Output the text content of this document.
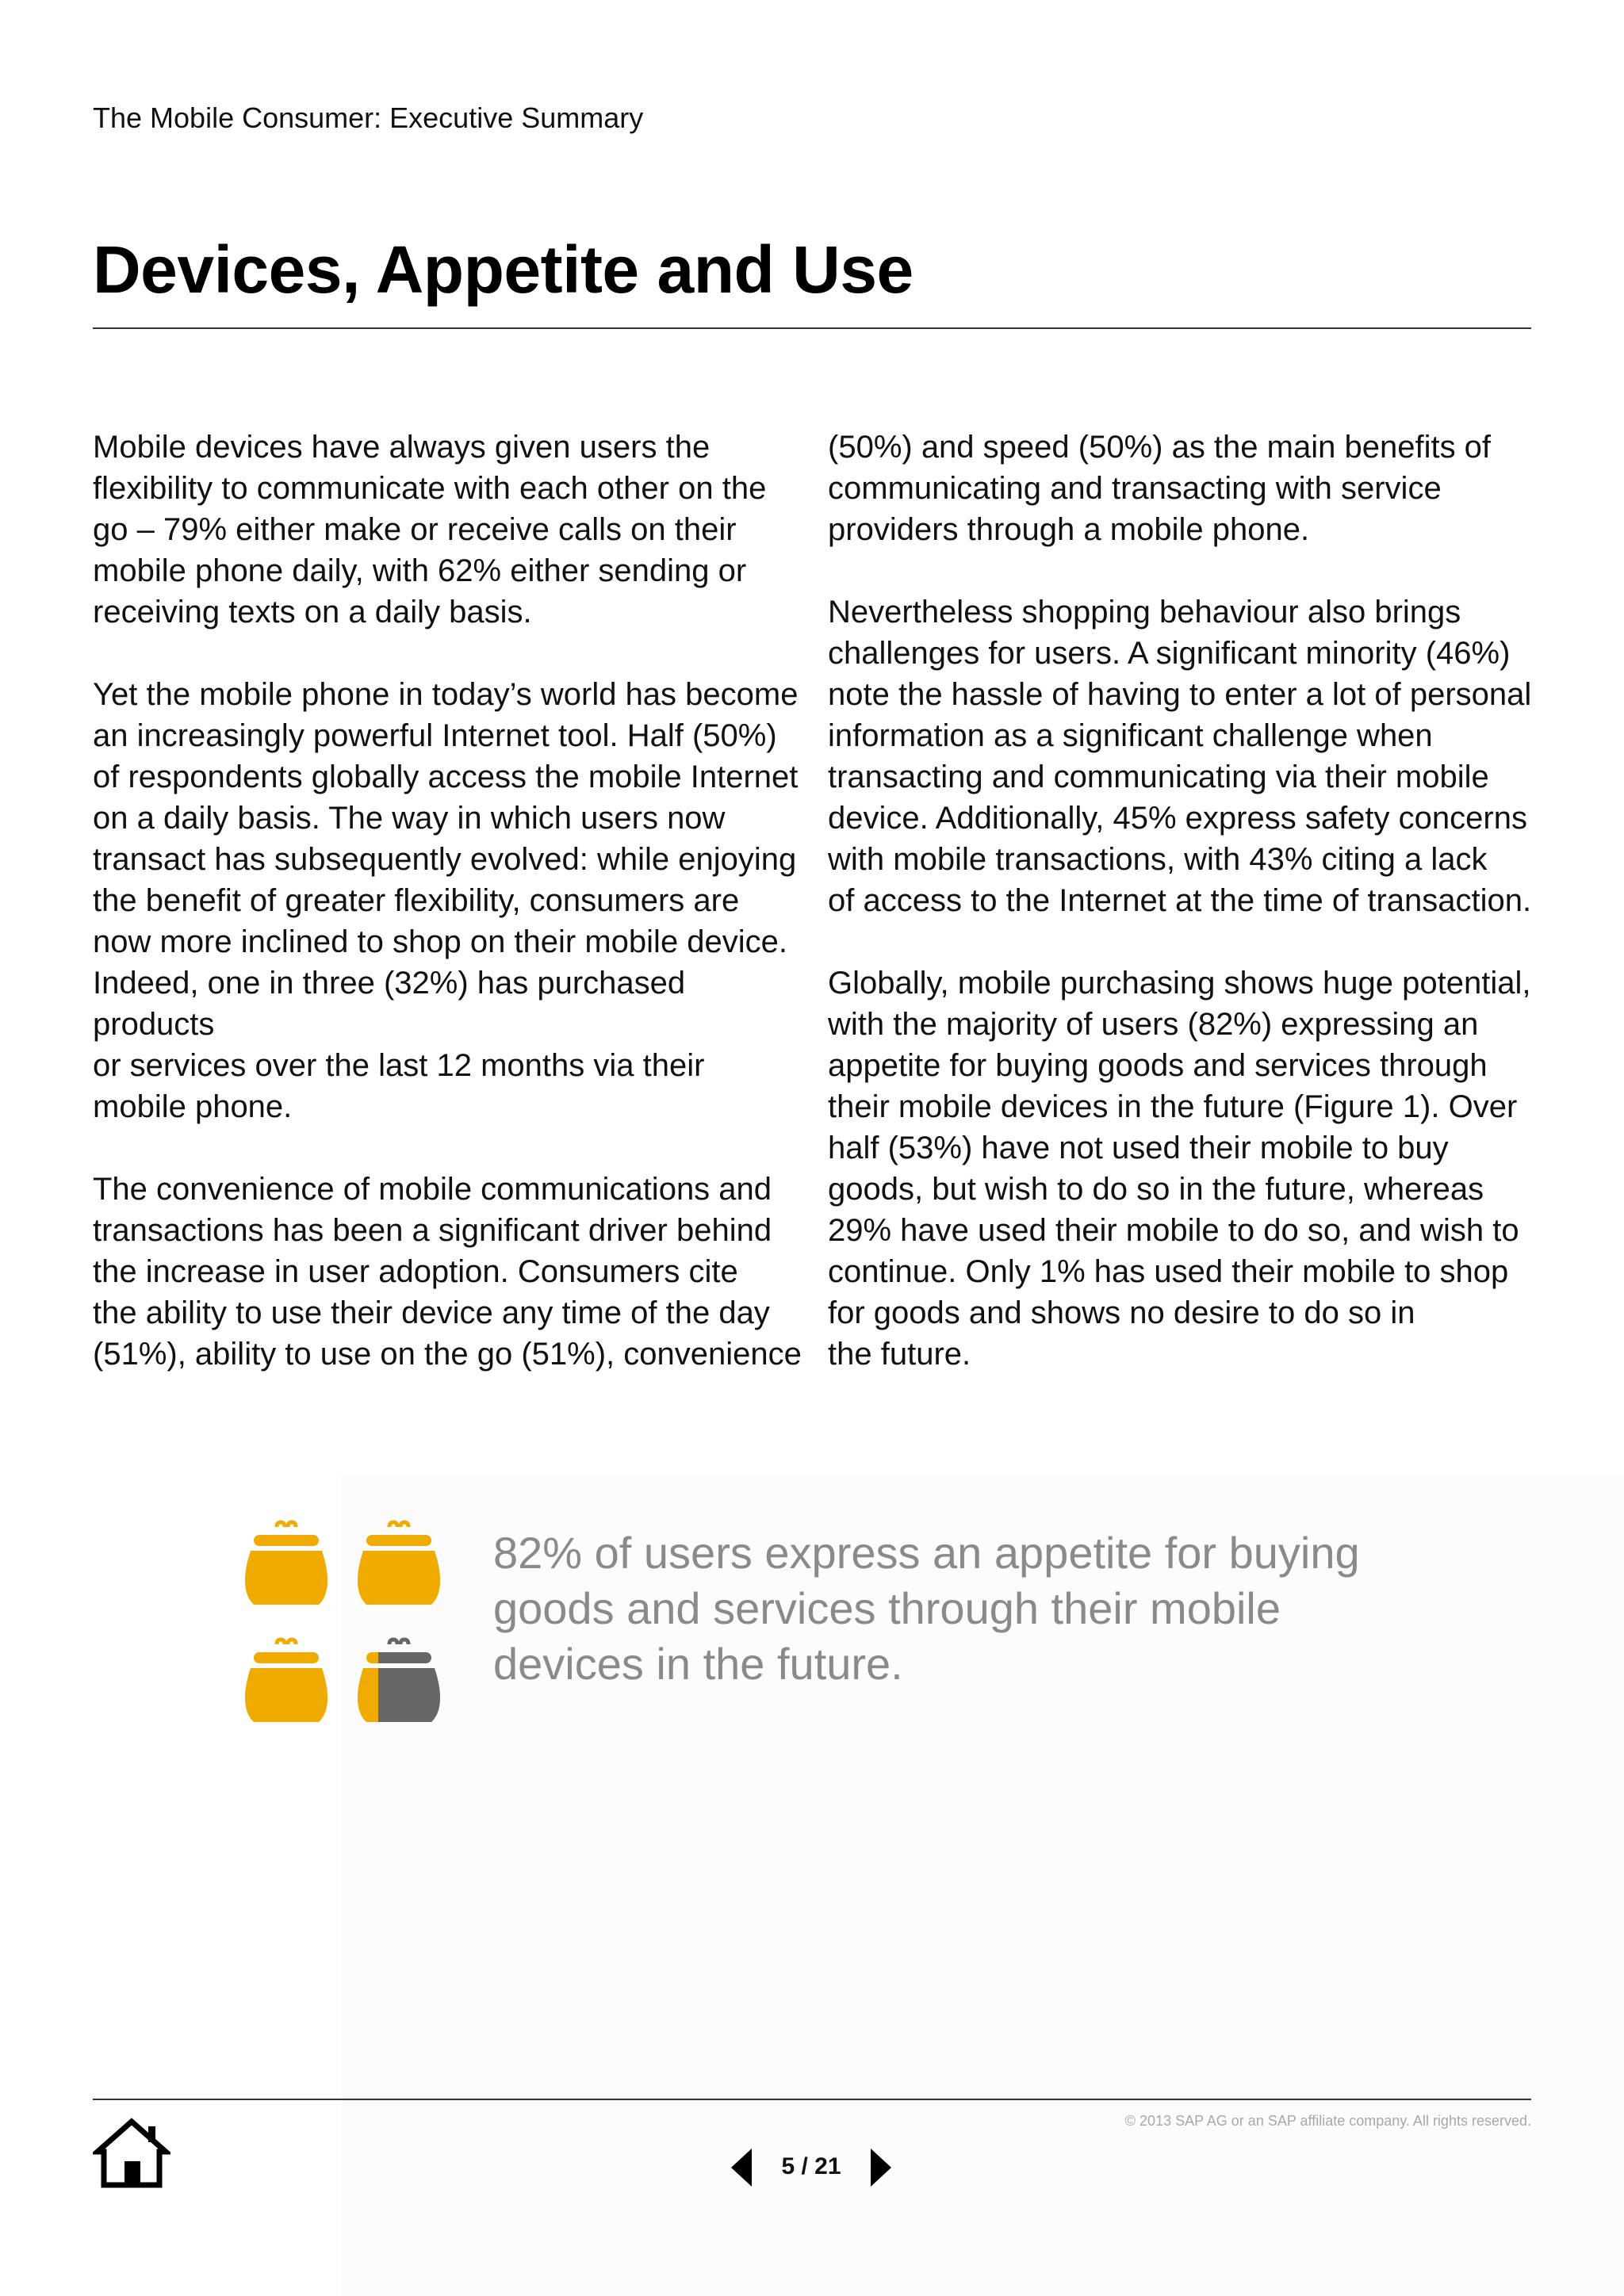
The Mobile Consumer: Executive Summary
Devices, Appetite and Use

Mobile devices have always given users the
flexibility to communicate with each other on the
go – 79% either make or receive calls on their
mobile phone daily, with 62% either sending or
receiving texts on a daily basis.

Yet the mobile phone in today’s world has become
an increasingly powerful Internet tool. Half (50%)
of respondents globally access the mobile Internet
on a daily basis. The way in which users now
transact has subsequently evolved: while enjoying
the benefit of greater flexibility, consumers are
now more inclined to shop on their mobile device.
Indeed, one in three (32%) has purchased products
or services over the last 12 months via their
mobile phone.

The convenience of mobile communications and
transactions has been a significant driver behind
the increase in user adoption. Consumers cite
the ability to use their device any time of the day
(51%), ability to use on the go (51%), convenience

(50%) and speed (50%) as the main benefits of
communicating and transacting with service
providers through a mobile phone.

Nevertheless shopping behaviour also brings
challenges for users. A significant minority (46%)
note the hassle of having to enter a lot of personal
information as a significant challenge when
transacting and communicating via their mobile
device. Additionally, 45% express safety concerns
with mobile transactions, with 43% citing a lack
of access to the Internet at the time of transaction.

Globally, mobile purchasing shows huge potential,
with the majority of users (82%) expressing an
appetite for buying goods and services through
their mobile devices in the future (Figure 1). Over
half (53%) have not used their mobile to buy
goods, but wish to do so in the future, whereas
29% have used their mobile to do so, and wish to
continue. Only 1% has used their mobile to shop
for goods and shows no desire to do so in
the future.

82% of users express an appetite for buying
goods and services through their mobile
devices in the future.
© 2013 SAP AG or an SAP affiliate company. All rights reserved.
5 / 21
